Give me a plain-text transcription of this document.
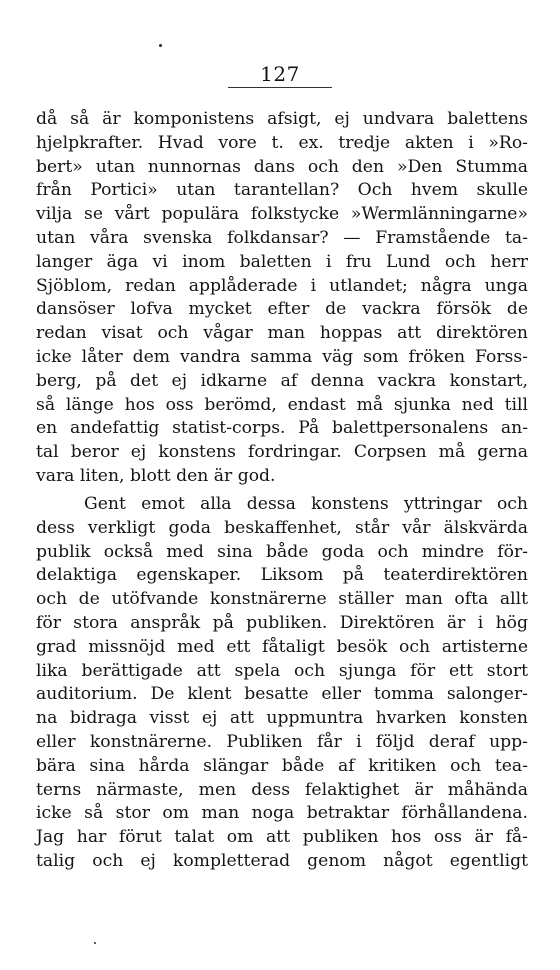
127
då så är komponistens afsigt, ej undvara balettens
hjelpkrafter. Hvad vore t. ex. tredje akten i »Ro-
bert» utan nunnornas dans och den »Den Stumma
från Portici» utan tarantellan? Och hvem skulle
vilja se vårt populära folkstycke »Wermlänningarne»
utan våra svenska folkdansar? — Framstående ta-
langer äga vi inom baletten i fru Lund och herr
Sjöblom, redan applåderade i utlandet; några unga
dansöser lofva mycket efter de vackra försök de
redan visat och vågar man hoppas att direktören
icke låter dem vandra samma väg som fröken Forss-
berg, på det ej idkarne af denna vackra konstart,
så länge hos oss berömd, endast må sjunka ned till
en andefattig statist-corps. På balettpersonalens an-
tal beror ej konstens fordringar. Corpsen må gerna
vara liten, blott den är god.
Gent emot alla dessa konstens yttringar och
dess verkligt goda beskaffenhet, står vår älskvärda
publik också med sina både goda och mindre för-
delaktiga egenskaper. Liksom på teaterdirektören
och de utöfvande konstnärerne ställer man ofta allt
för stora anspråk på publiken. Direktören är i hög
grad missnöjd med ett fåtaligt besök och artisterne
lika berättigade att spela och sjunga för ett stort
auditorium. De klent besatte eller tomma salonger-
na bidraga visst ej att uppmuntra hvarken konsten
eller konstnärerne. Publiken får i följd deraf upp-
bära sina hårda slängar både af kritiken och tea-
terns närmaste, men dess felaktighet är måhända
icke så stor om man noga betraktar förhållandena.
Jag har förut talat om att publiken hos oss är få-
talig och ej kompletterad genom något egentligt
